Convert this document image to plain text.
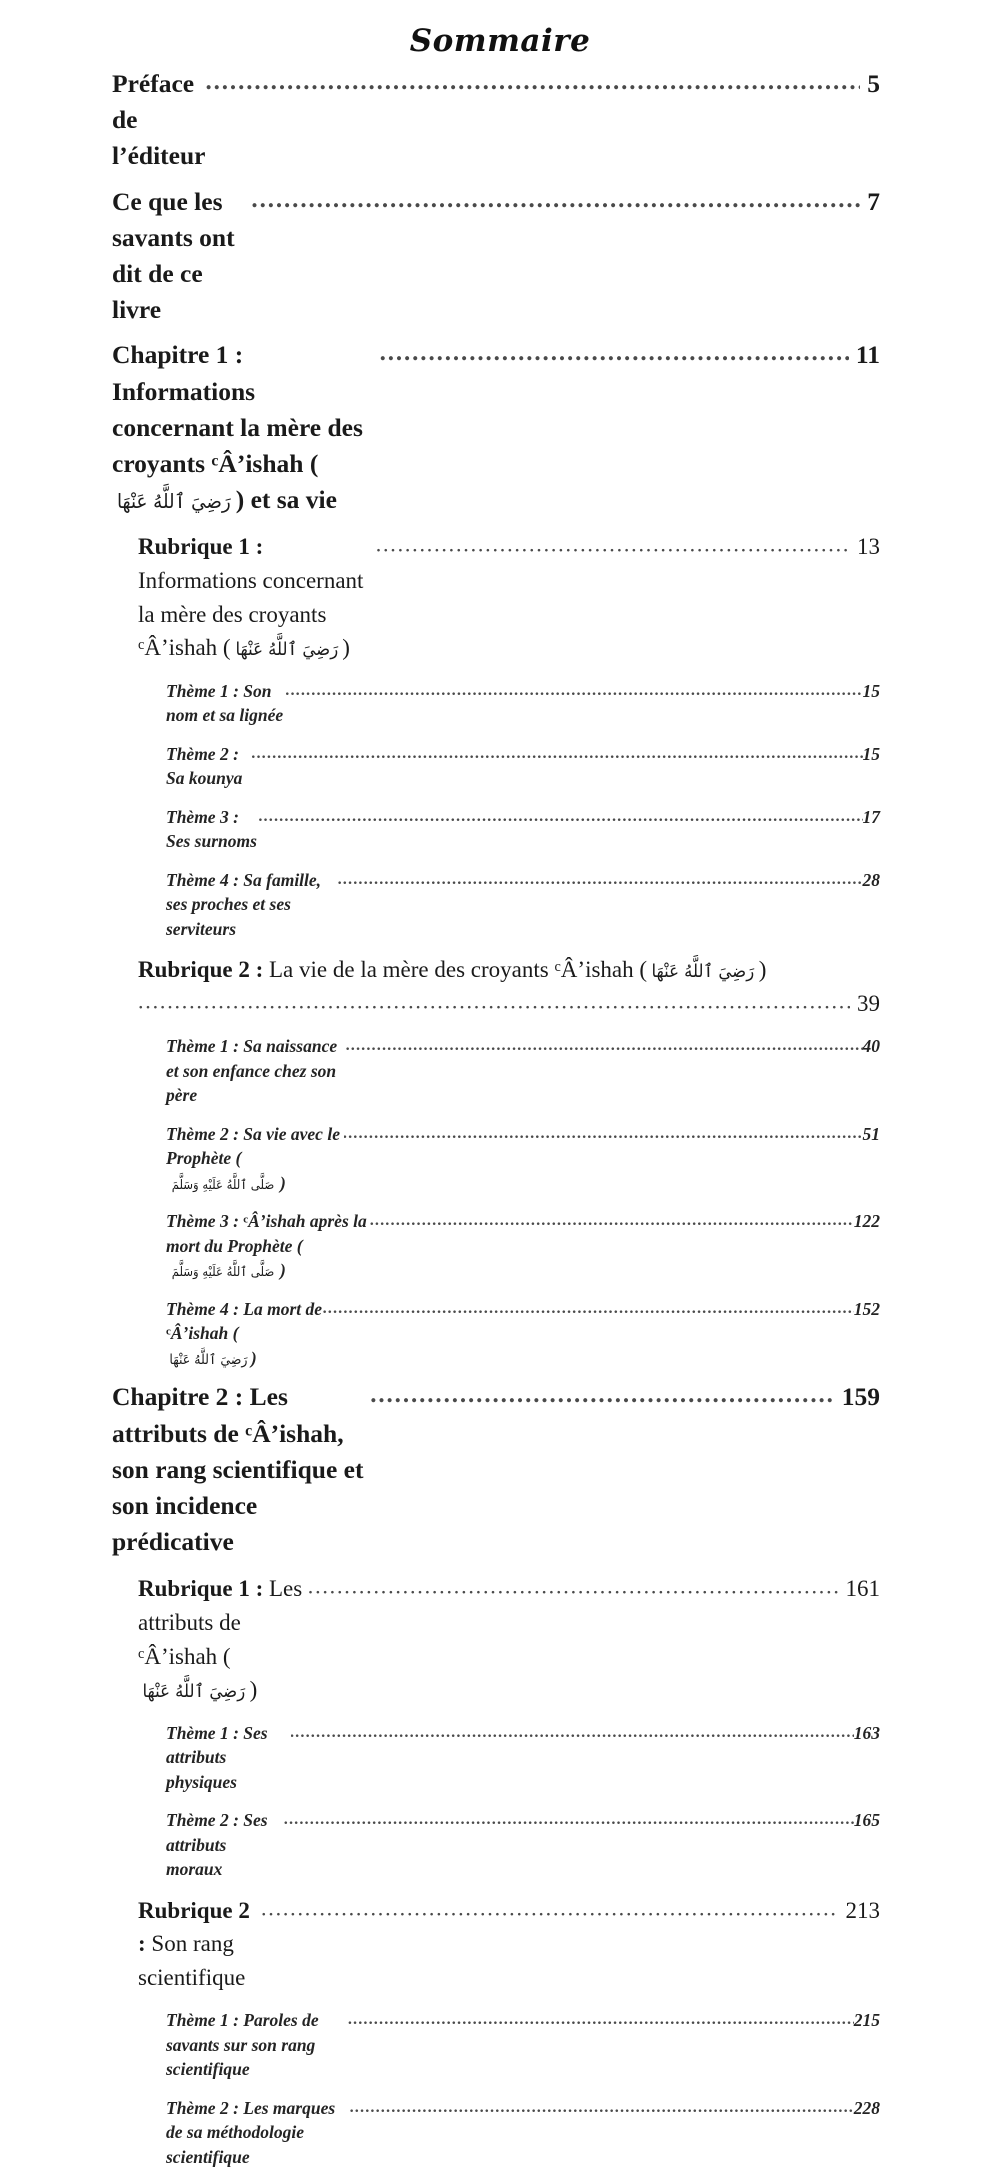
Sommaire
Préface de l’éditeur
.....
5
Ce que les savants ont dit de ce livre
.....
7
Chapitre 1 : Informations concernant la mère des croyants $^c$Â’ishah (رَضِيَ ٱللَّهُ عَنْهَا ) et sa vie
.....
11
Rubrique 1 : Informations concernant la mère des croyants $^c$Â’ishah ( رَضِيَ ٱللَّهُ عَنْهَا )
.....
13
Thème 1 : Son nom et sa lignée
.....
15
Thème 2 : Sa kounya
.....
15
Thème 3 : Ses surnoms
.....
17
Thème 4 : Sa famille, ses proches et ses serviteurs
.....
28
Rubrique 2 : La vie de la mère des croyants $^c$Â’ishah ( رَضِيَ ٱللَّهُ عَنْهَا )
.....
39
Thème 1 : Sa naissance et son enfance chez son père
.....
40
Thème 2 : Sa vie avec le Prophète (صَلَّى ٱللَّهُ عَلَيْهِ وَسَلَّمَ )
.....
51
Thème 3 : $^c$Â’ishah après la mort du Prophète (صَلَّى ٱللَّهُ عَلَيْهِ وَسَلَّمَ )
.....
122
Thème 4 : La mort de $^c$Â’ishah (رَضِيَ ٱللَّهُ عَنْهَا )
.....
152
Chapitre 2 : Les attributs de $^c$Â’ishah, son rang scientifique et son incidence prédicative
.....
159
Rubrique 1 : Les attributs de $^c$Â’ishah (رَضِيَ ٱللَّهُ عَنْهَا )
.....
161
Thème 1 : Ses attributs physiques
.....
163
Thème 2 : Ses attributs moraux
.....
165
Rubrique 2 : Son rang scientifique
.....
213
Thème 1 : Paroles de savants sur son rang scientifique
.....
215
Thème 2 : Les marques de sa méthodologie scientifique
.....
228
